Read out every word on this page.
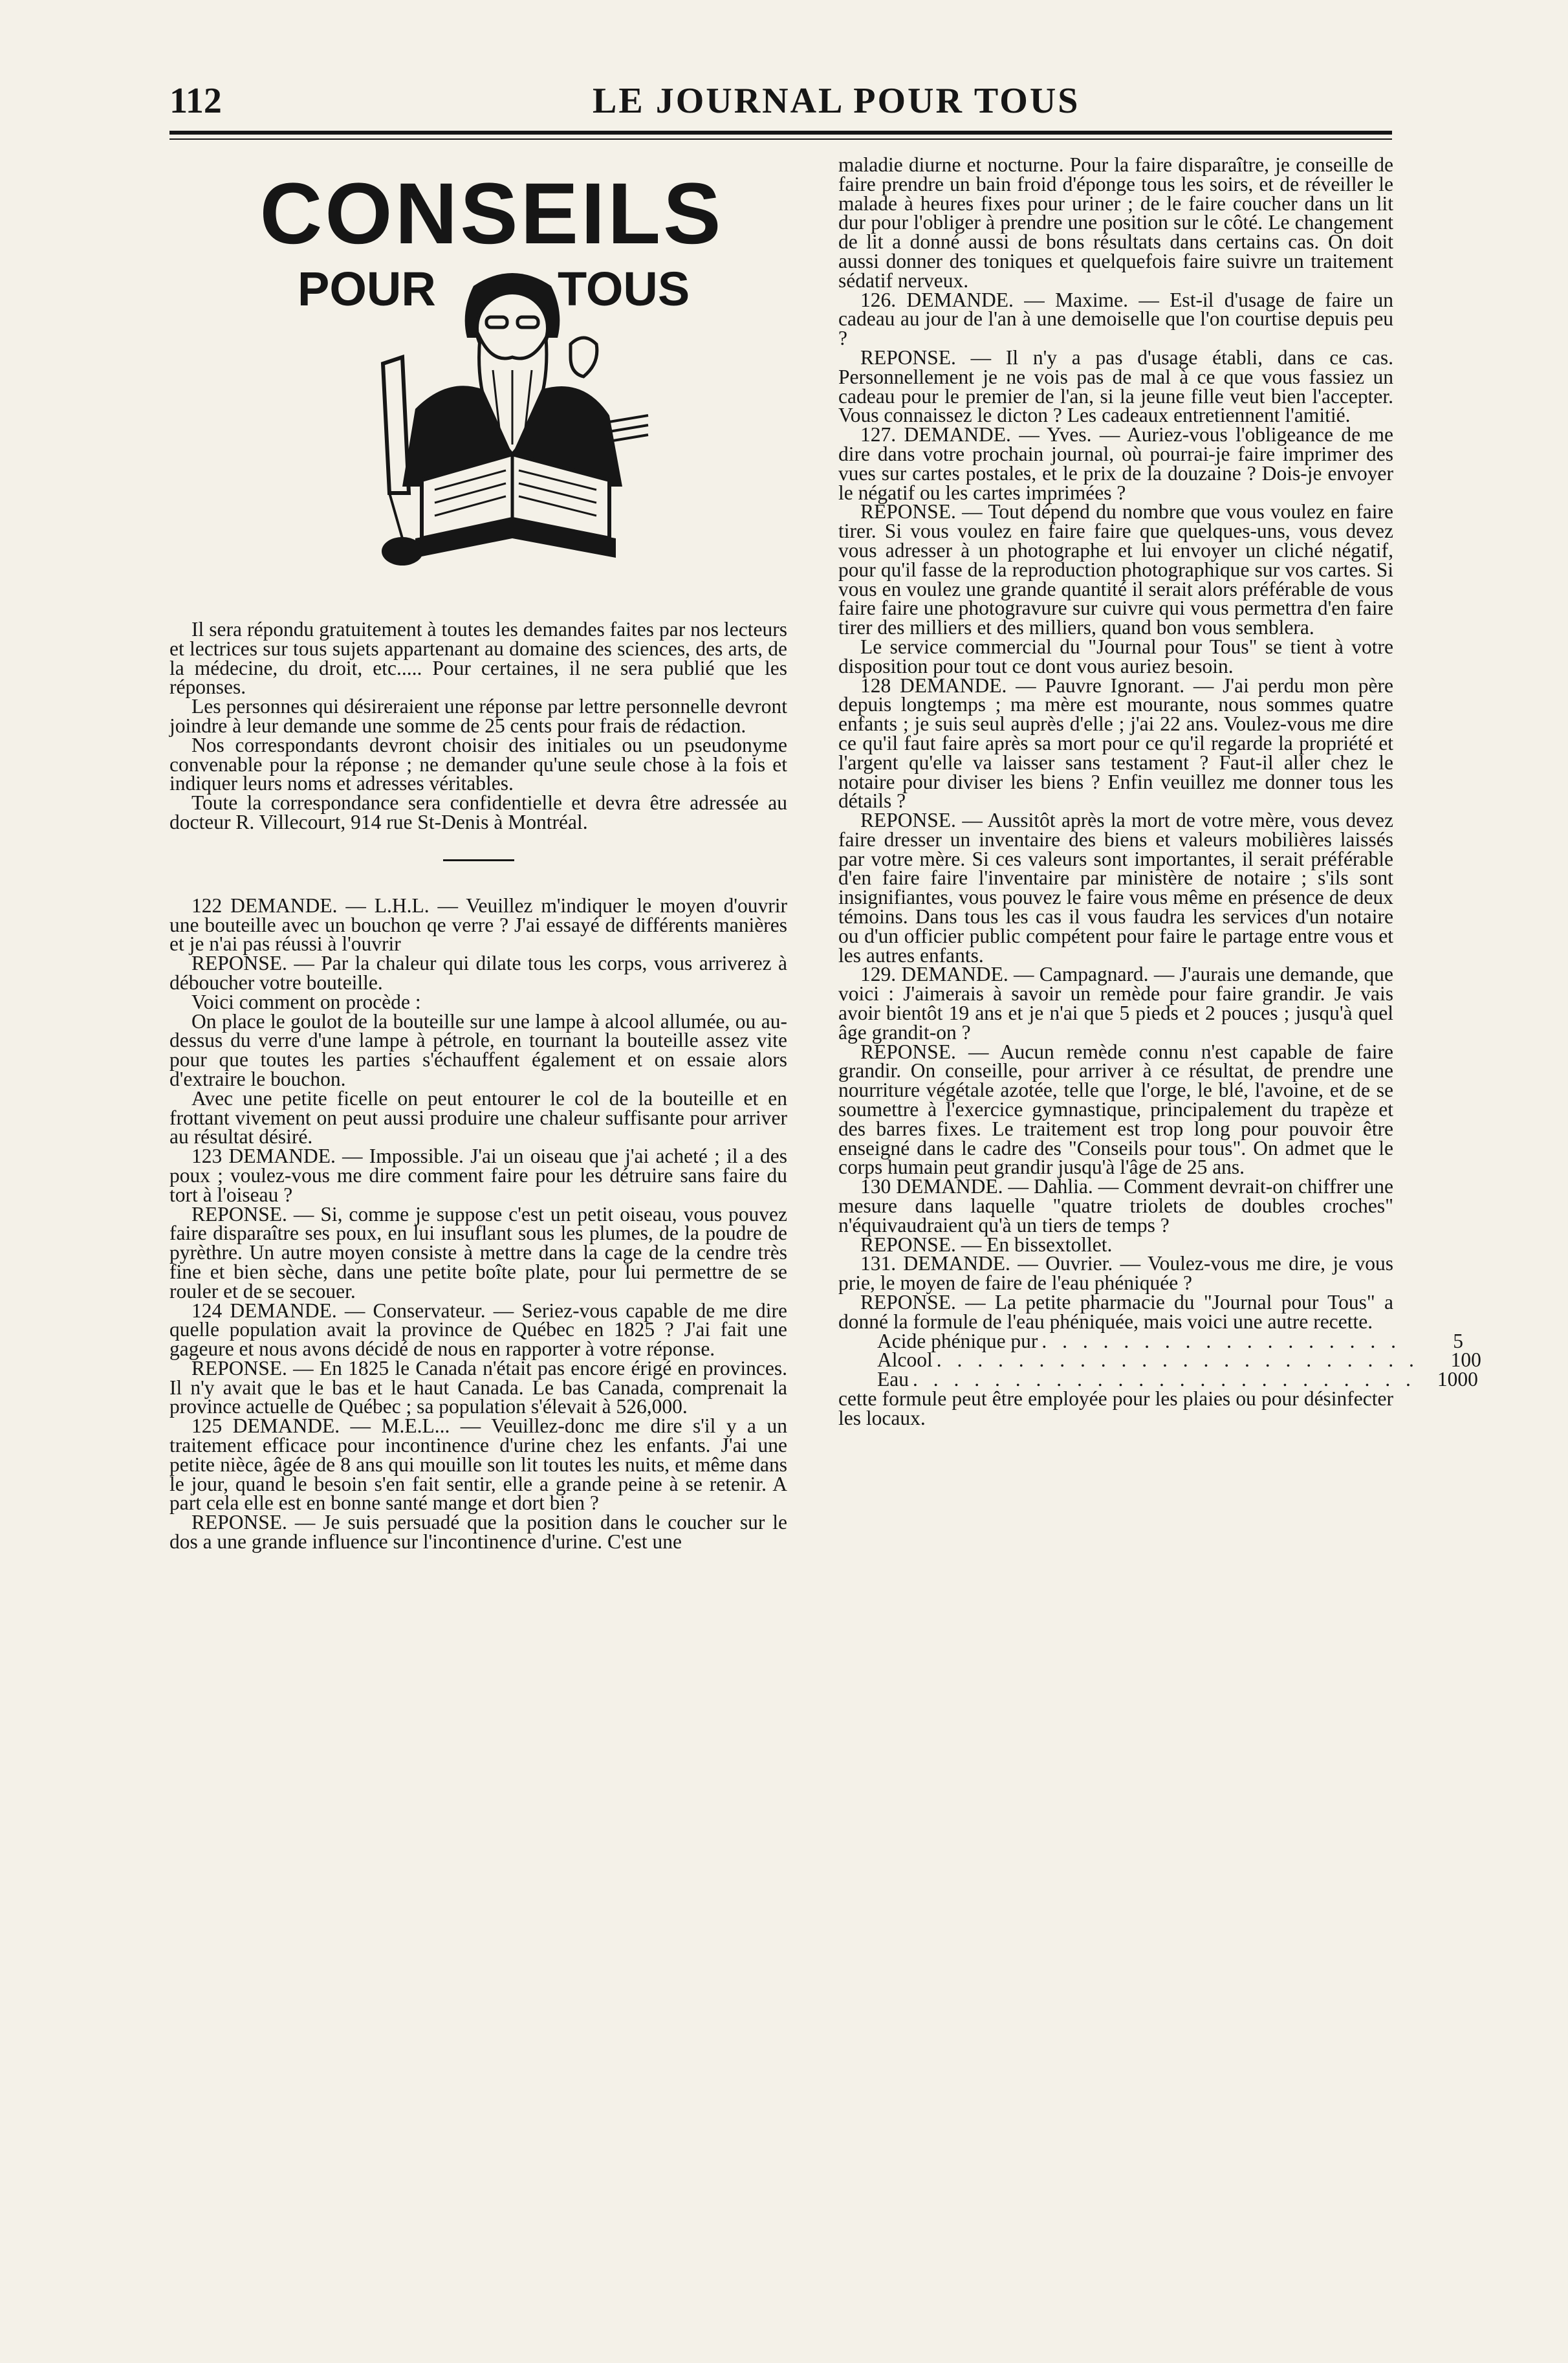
112	LE JOURNAL POUR TOUS
CONSEILS
POUR	TOUS

Il sera répondu gratuitement à toutes les demandes faites par nos lecteurs et lectrices sur tous sujets appartenant au domaine des sciences, des arts, de la médecine, du droit, etc..... Pour certaines, il ne sera publié que les réponses.

Les personnes qui désireraient une réponse par lettre personnelle devront joindre à leur demande une somme de 25 cents pour frais de rédaction.

Nos correspondants devront choisir des initiales ou un pseudonyme convenable pour la réponse ; ne demander qu'une seule chose à la fois et indiquer leurs noms et adresses véritables.

Toute la correspondance sera confidentielle et devra être adressée au docteur R. Villecourt, 914 rue St-Denis à Montréal.

122 DEMANDE. — L.H.L. — Veuillez m'indiquer le moyen d'ouvrir une bouteille avec un bouchon qe verre ? J'ai essayé de différents manières et je n'ai pas réussi à l'ouvrir

REPONSE. — Par la chaleur qui dilate tous les corps, vous arriverez à déboucher votre bouteille.

Voici comment on procède :

On place le goulot de la bouteille sur une lampe à alcool allumée, ou au-dessus du verre d'une lampe à pétrole, en tournant la bouteille assez vite pour que toutes les parties s'échauffent également et on essaie alors d'extraire le bouchon.

Avec une petite ficelle on peut entourer le col de la bouteille et en frottant vivement on peut aussi produire une chaleur suffisante pour arriver au résultat désiré.

123 DEMANDE. — Impossible. J'ai un oiseau que j'ai acheté ; il a des poux ; voulez-vous me dire comment faire pour les détruire sans faire du tort à l'oiseau ?

REPONSE. — Si, comme je suppose c'est un petit oiseau, vous pouvez faire disparaître ses poux, en lui insuflant sous les plumes, de la poudre de pyrèthre. Un autre moyen consiste à mettre dans la cage de la cendre très fine et bien sèche, dans une petite boîte plate, pour lui permettre de se rouler et de se secouer.

124 DEMANDE. — Conservateur. — Seriez-vous capable de me dire quelle population avait la province de Québec en 1825 ? J'ai fait une gageure et nous avons décidé de nous en rapporter à votre réponse.

REPONSE. — En 1825 le Canada n'était pas encore érigé en provinces. Il n'y avait que le bas et le haut Canada. Le bas Canada, comprenait la province actuelle de Québec ; sa population s'élevait à 526,000.

125 DEMANDE. — M.E.L... — Veuillez-donc me dire s'il y a un traitement efficace pour incontinence d'urine chez les enfants. J'ai une petite nièce, âgée de 8 ans qui mouille son lit toutes les nuits, et même dans le jour, quand le besoin s'en fait sentir, elle a grande peine à se retenir. A part cela elle est en bonne santé mange et dort bien ?

REPONSE. — Je suis persuadé que la position dans le coucher sur le dos a une grande influence sur l'incontinence d'urine. C'est une

maladie diurne et nocturne. Pour la faire disparaître, je conseille de faire prendre un bain froid d'éponge tous les soirs, et de réveiller le malade à heures fixes pour uriner ; de le faire coucher dans un lit dur pour l'obliger à prendre une position sur le côté. Le changement de lit a donné aussi de bons résultats dans certains cas. On doit aussi donner des toniques et quelquefois faire suivre un traitement sédatif nerveux.

126. DEMANDE. — Maxime. — Est-il d'usage de faire un cadeau au jour de l'an à une demoiselle que l'on courtise depuis peu ?

REPONSE. — Il n'y a pas d'usage établi, dans ce cas. Personnellement je ne vois pas de mal à ce que vous fassiez un cadeau pour le premier de l'an, si la jeune fille veut bien l'accepter. Vous connaissez le dicton ? Les cadeaux entretiennent l'amitié.

127. DEMANDE. — Yves. — Auriez-vous l'obligeance de me dire dans votre prochain journal, où pourrai-je faire imprimer des vues sur cartes postales, et le prix de la douzaine ? Dois-je envoyer le négatif ou les cartes imprimées ?

REPONSE. — Tout dépend du nombre que vous voulez en faire tirer. Si vous voulez en faire faire que quelques-uns, vous devez vous adresser à un photographe et lui envoyer un cliché négatif, pour qu'il fasse de la reproduction photographique sur vos cartes. Si vous en voulez une grande quantité il serait alors préférable de vous faire faire une photogravure sur cuivre qui vous permettra d'en faire tirer des milliers et des milliers, quand bon vous semblera.

Le service commercial du "Journal pour Tous" se tient à votre disposition pour tout ce dont vous auriez besoin.

128 DEMANDE. — Pauvre Ignorant. — J'ai perdu mon père depuis longtemps ; ma mère est mourante, nous sommes quatre enfants ; je suis seul auprès d'elle ; j'ai 22 ans. Voulez-vous me dire ce qu'il faut faire après sa mort pour ce qu'il regarde la propriété et l'argent qu'elle va laisser sans testament ? Faut-il aller chez le notaire pour diviser les biens ? Enfin veuillez me donner tous les détails ?

REPONSE. — Aussitôt après la mort de votre mère, vous devez faire dresser un inventaire des biens et valeurs mobilières laissés par votre mère. Si ces valeurs sont importantes, il serait préférable d'en faire faire l'inventaire par ministère de notaire ; s'ils sont insignifiantes, vous pouvez le faire vous même en présence de deux témoins. Dans tous les cas il vous faudra les services d'un notaire ou d'un officier public compétent pour faire le partage entre vous et les autres enfants.

129. DEMANDE. — Campagnard. — J'aurais une demande, que voici : J'aimerais à savoir un remède pour faire grandir. Je vais avoir bientôt 19 ans et je n'ai que 5 pieds et 2 pouces ; jusqu'à quel âge grandit-on ?

REPONSE. — Aucun remède connu n'est capable de faire grandir. On conseille, pour arriver à ce résultat, de prendre une nourriture végétale azotée, telle que l'orge, le blé, l'avoine, et de se soumettre à l'exercice gymnastique, principalement du trapèze et des barres fixes. Le traitement est trop long pour pouvoir être enseigné dans le cadre des "Conseils pour tous". On admet que le corps humain peut grandir jusqu'à l'âge de 25 ans.

130 DEMANDE. — Dahlia. — Comment devrait-on chiffrer une mesure dans laquelle "quatre triolets de doubles croches" n'équivaudraient qu'à un tiers de temps ?

REPONSE. — En bissextollet.

131. DEMANDE. — Ouvrier. — Voulez-vous me dire, je vous prie, le moyen de faire de l'eau phéniquée ?

REPONSE. — La petite pharmacie du "Journal pour Tous" a donné la formule de l'eau phéniquée, mais voici une autre recette.

Acide phénique pur . . . . . . . . . . . . . . . . . .	5
Alcool . . . . . . . . . . . . . . . . . . . . . . . .	100
Eau . . . . . . . . . . . . . . . . . . . . . . . . .	1000

cette formule peut être employée pour les plaies ou pour désinfecter les locaux.
